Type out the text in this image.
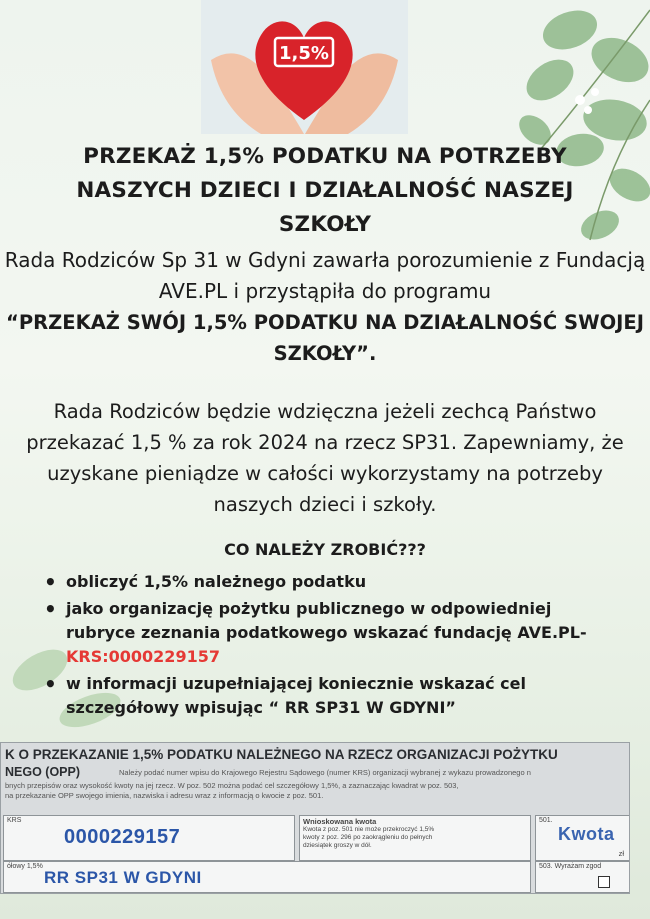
1,5%
PRZEKAŻ 1,5% PODATKU NA POTRZEBY NASZYCH DZIECI I DZIAŁALNOŚĆ NASZEJ SZKOŁY

Rada Rodziców Sp 31 w Gdyni zawarła porozumienie z Fundacją AVE.PL i przystąpiła do programu
“PRZEKAŻ SWÓJ 1,5% PODATKU NA DZIAŁALNOŚĆ SWOJEJ SZKOŁY”.

Rada Rodziców będzie wdzięczna jeżeli zechcą Państwo przekazać 1,5 % za rok 2024 na rzecz SP31. Zapewniamy, że uzyskane pieniądze w całości wykorzystamy na potrzeby naszych dzieci i szkoły.

CO NALEŻY ZROBIĆ???
• obliczyć 1,5% należnego podatku
• jako organizację pożytku publicznego w odpowiedniej rubryce zeznania podatkowego wskazać fundację AVE.PL-
KRS:0000229157
• w informacji uzupełniającej koniecznie wskazać cel szczegółowy wpisując “ RR SP31 W GDYNI”
K O PRZEKAZANIE 1,5% PODATKU NALEŻNEGO NA RZECZ ORGANIZACJI POŻYTKU
NEGO (OPP)	Należy podać numer wpisu do Krajowego Rejestru Sądowego (numer KRS) organizacji wybranej z wykazu prowadzonego n
bnych przepisów oraz wysokość kwoty na jej rzecz. W poz. 502 można podać cel szczegółowy 1,5%, a zaznaczając kwadrat w poz. 503,
na przekazanie OPP swojego imienia, nazwiska i adresu wraz z informacją o kwocie z poz. 501.
KRS
0000229157
Wnioskowana kwota
Kwota z poz. 501 nie może przekroczyć 1,5% kwoty z poz. 296 po zaokrągleniu do pełnych dziesiątek groszy w dół.
501.
Kwota
zł
ółowy 1,5%
RR SP31 W GDYNI
503. Wyrażam zgod
